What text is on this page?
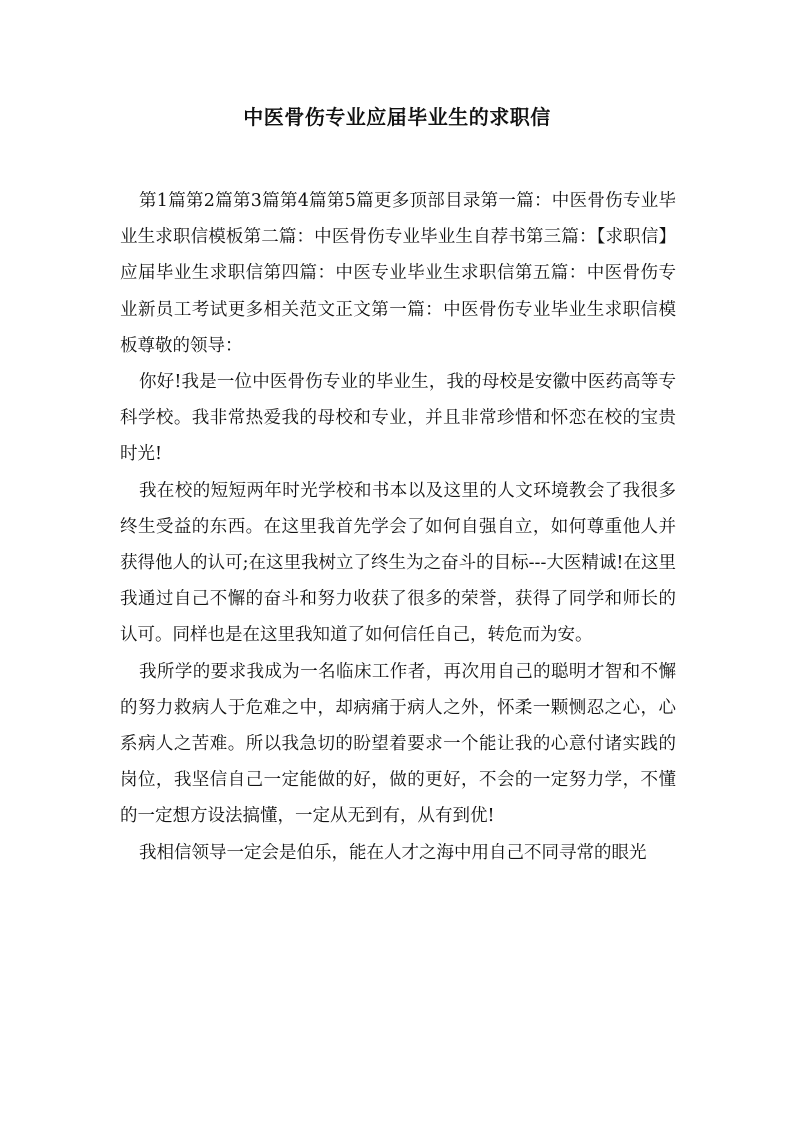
中医骨伤专业应届毕业生的求职信

第1篇第2篇第3篇第4篇第5篇更多顶部目录第一篇：中医骨伤专业毕业生求职信模板第二篇：中医骨伤专业毕业生自荐书第三篇：【求职信】应届毕业生求职信第四篇：中医专业毕业生求职信第五篇：中医骨伤专业新员工考试更多相关范文正文第一篇：中医骨伤专业毕业生求职信模板尊敬的领导：

你好!我是一位中医骨伤专业的毕业生，我的母校是安徽中医药高等专科学校。我非常热爱我的母校和专业，并且非常珍惜和怀恋在校的宝贵时光!

我在校的短短两年时光学校和书本以及这里的人文环境教会了我很多终生受益的东西。在这里我首先学会了如何自强自立，如何尊重他人并获得他人的认可;在这里我树立了终生为之奋斗的目标---大医精诚!在这里我通过自己不懈的奋斗和努力收获了很多的荣誉，获得了同学和师长的认可。同样也是在这里我知道了如何信任自己，转危而为安。

我所学的要求我成为一名临床工作者，再次用自己的聪明才智和不懈的努力救病人于危难之中，却病痛于病人之外，怀柔一颗恻忍之心，心系病人之苦难。所以我急切的盼望着要求一个能让我的心意付诸实践的岗位，我坚信自己一定能做的好，做的更好，不会的一定努力学，不懂的一定想方设法搞懂，一定从无到有，从有到优!

我相信领导一定会是伯乐，能在人才之海中用自己不同寻常的眼光
